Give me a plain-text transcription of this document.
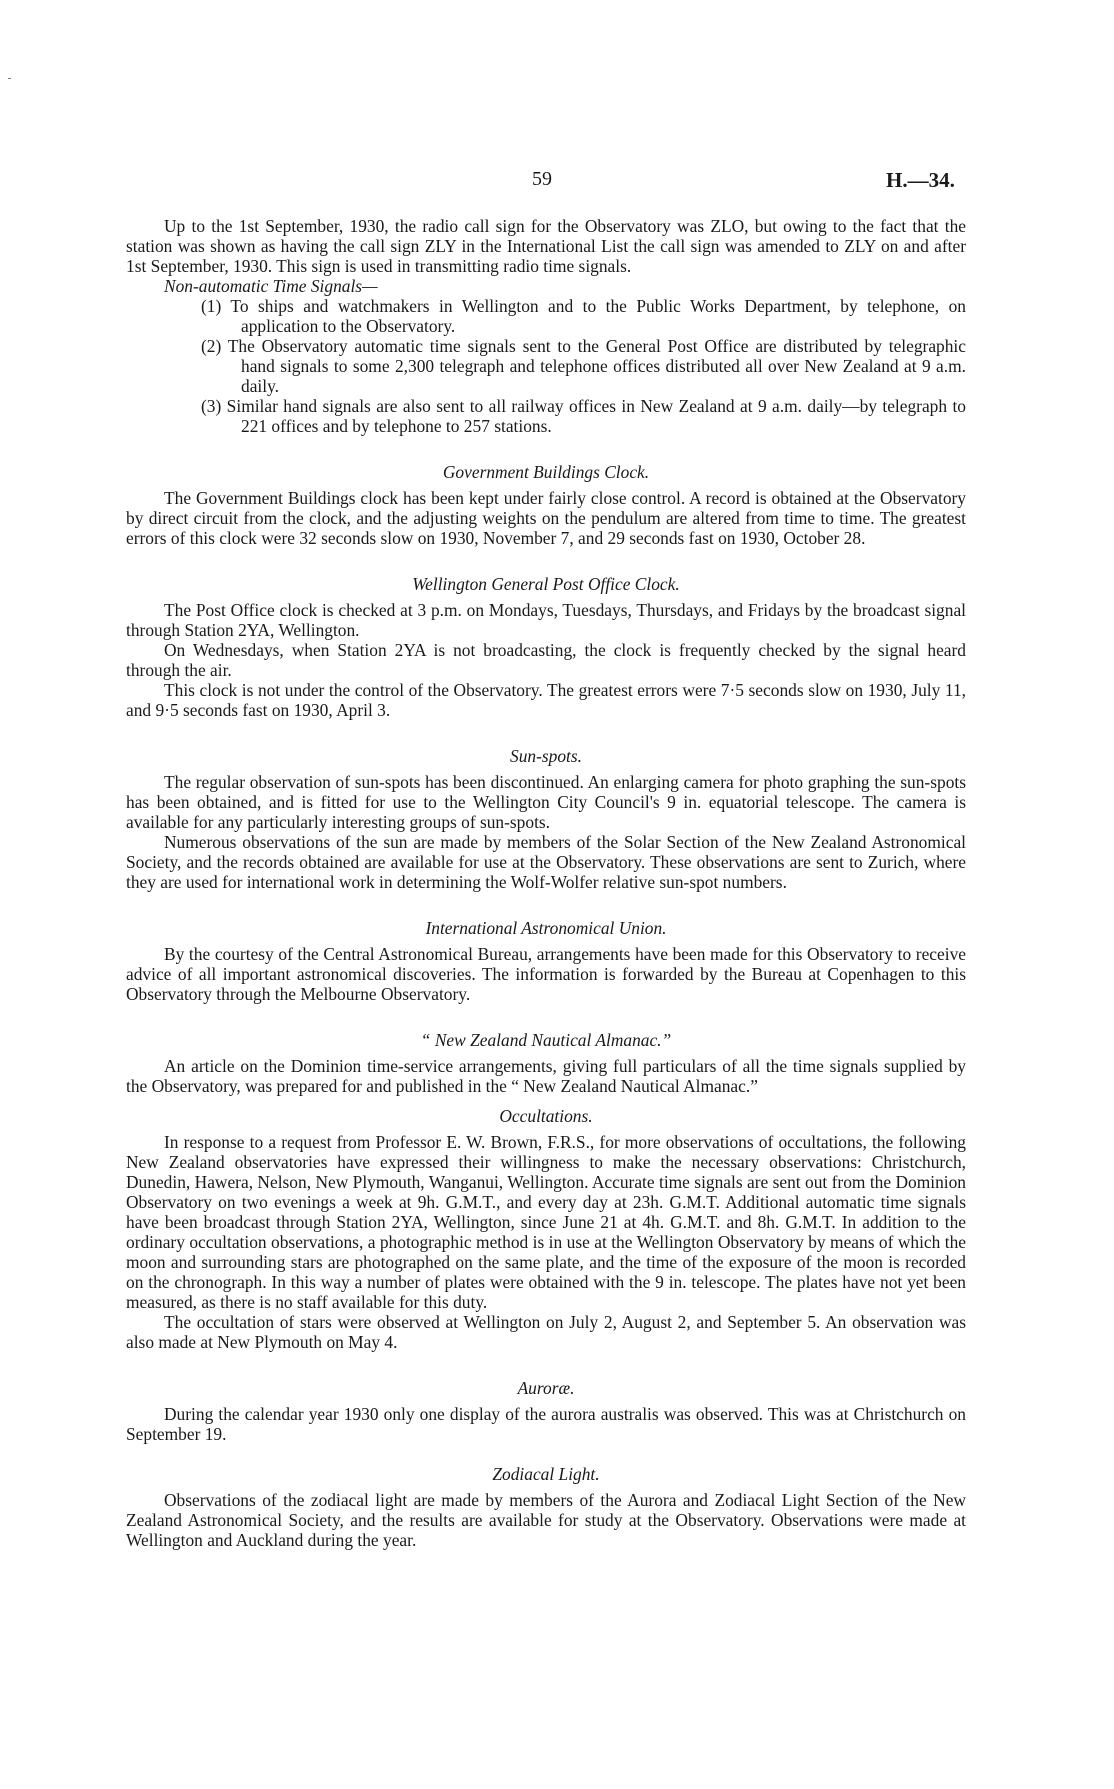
59	H.—34.

Up to the 1st September, 1930, the radio call sign for the Observatory was ZLO, but owing to the fact that the station was shown as having the call sign ZLY in the International List the call sign was amended to ZLY on and after 1st September, 1930. This sign is used in transmitting radio time signals.

Non-automatic Time Signals—

(1) To ships and watchmakers in Wellington and to the Public Works Department, by telephone, on application to the Observatory.
(2) The Observatory automatic time signals sent to the General Post Office are distributed by telegraphic hand signals to some 2,300 telegraph and telephone offices distributed all over New Zealand at 9 a.m. daily.
(3) Similar hand signals are also sent to all railway offices in New Zealand at 9 a.m. daily—by telegraph to 221 offices and by telephone to 257 stations.
Government Buildings Clock.

The Government Buildings clock has been kept under fairly close control. A record is obtained at the Observatory by direct circuit from the clock, and the adjusting weights on the pendulum are altered from time to time. The greatest errors of this clock were 32 seconds slow on 1930, November 7, and 29 seconds fast on 1930, October 28.

Wellington General Post Office Clock.

The Post Office clock is checked at 3 p.m. on Mondays, Tuesdays, Thursdays, and Fridays by the broadcast signal through Station 2YA, Wellington.

On Wednesdays, when Station 2YA is not broadcasting, the clock is frequently checked by the signal heard through the air.

This clock is not under the control of the Observatory. The greatest errors were 7·5 seconds slow on 1930, July 11, and 9·5 seconds fast on 1930, April 3.

Sun-spots.

The regular observation of sun-spots has been discontinued. An enlarging camera for photo graphing the sun-spots has been obtained, and is fitted for use to the Wellington City Council's 9 in. equatorial telescope. The camera is available for any particularly interesting groups of sun-spots.

Numerous observations of the sun are made by members of the Solar Section of the New Zealand Astronomical Society, and the records obtained are available for use at the Observatory. These observations are sent to Zurich, where they are used for international work in determining the Wolf-Wolfer relative sun-spot numbers.

International Astronomical Union.

By the courtesy of the Central Astronomical Bureau, arrangements have been made for this Observatory to receive advice of all important astronomical discoveries. The information is forwarded by the Bureau at Copenhagen to this Observatory through the Melbourne Observatory.

“ New Zealand Nautical Almanac.”

An article on the Dominion time-service arrangements, giving full particulars of all the time signals supplied by the Observatory, was prepared for and published in the “ New Zealand Nautical Almanac.”

Occultations.

In response to a request from Professor E. W. Brown, F.R.S., for more observations of occultations, the following New Zealand observatories have expressed their willingness to make the necessary observations: Christchurch, Dunedin, Hawera, Nelson, New Plymouth, Wanganui, Wellington. Accurate time signals are sent out from the Dominion Observatory on two evenings a week at 9h. G.M.T., and every day at 23h. G.M.T. Additional automatic time signals have been broadcast through Station 2YA, Wellington, since June 21 at 4h. G.M.T. and 8h. G.M.T. In addition to the ordinary occultation observations, a photographic method is in use at the Wellington Observatory by means of which the moon and surrounding stars are photographed on the same plate, and the time of the exposure of the moon is recorded on the chronograph. In this way a number of plates were obtained with the 9 in. telescope. The plates have not yet been measured, as there is no staff available for this duty.

The occultation of stars were observed at Wellington on July 2, August 2, and September 5. An observation was also made at New Plymouth on May 4.

Auroræ.

During the calendar year 1930 only one display of the aurora australis was observed. This was at Christchurch on September 19.

Zodiacal Light.

Observations of the zodiacal light are made by members of the Aurora and Zodiacal Light Section of the New Zealand Astronomical Society, and the results are available for study at the Observatory. Observations were made at Wellington and Auckland during the year.
